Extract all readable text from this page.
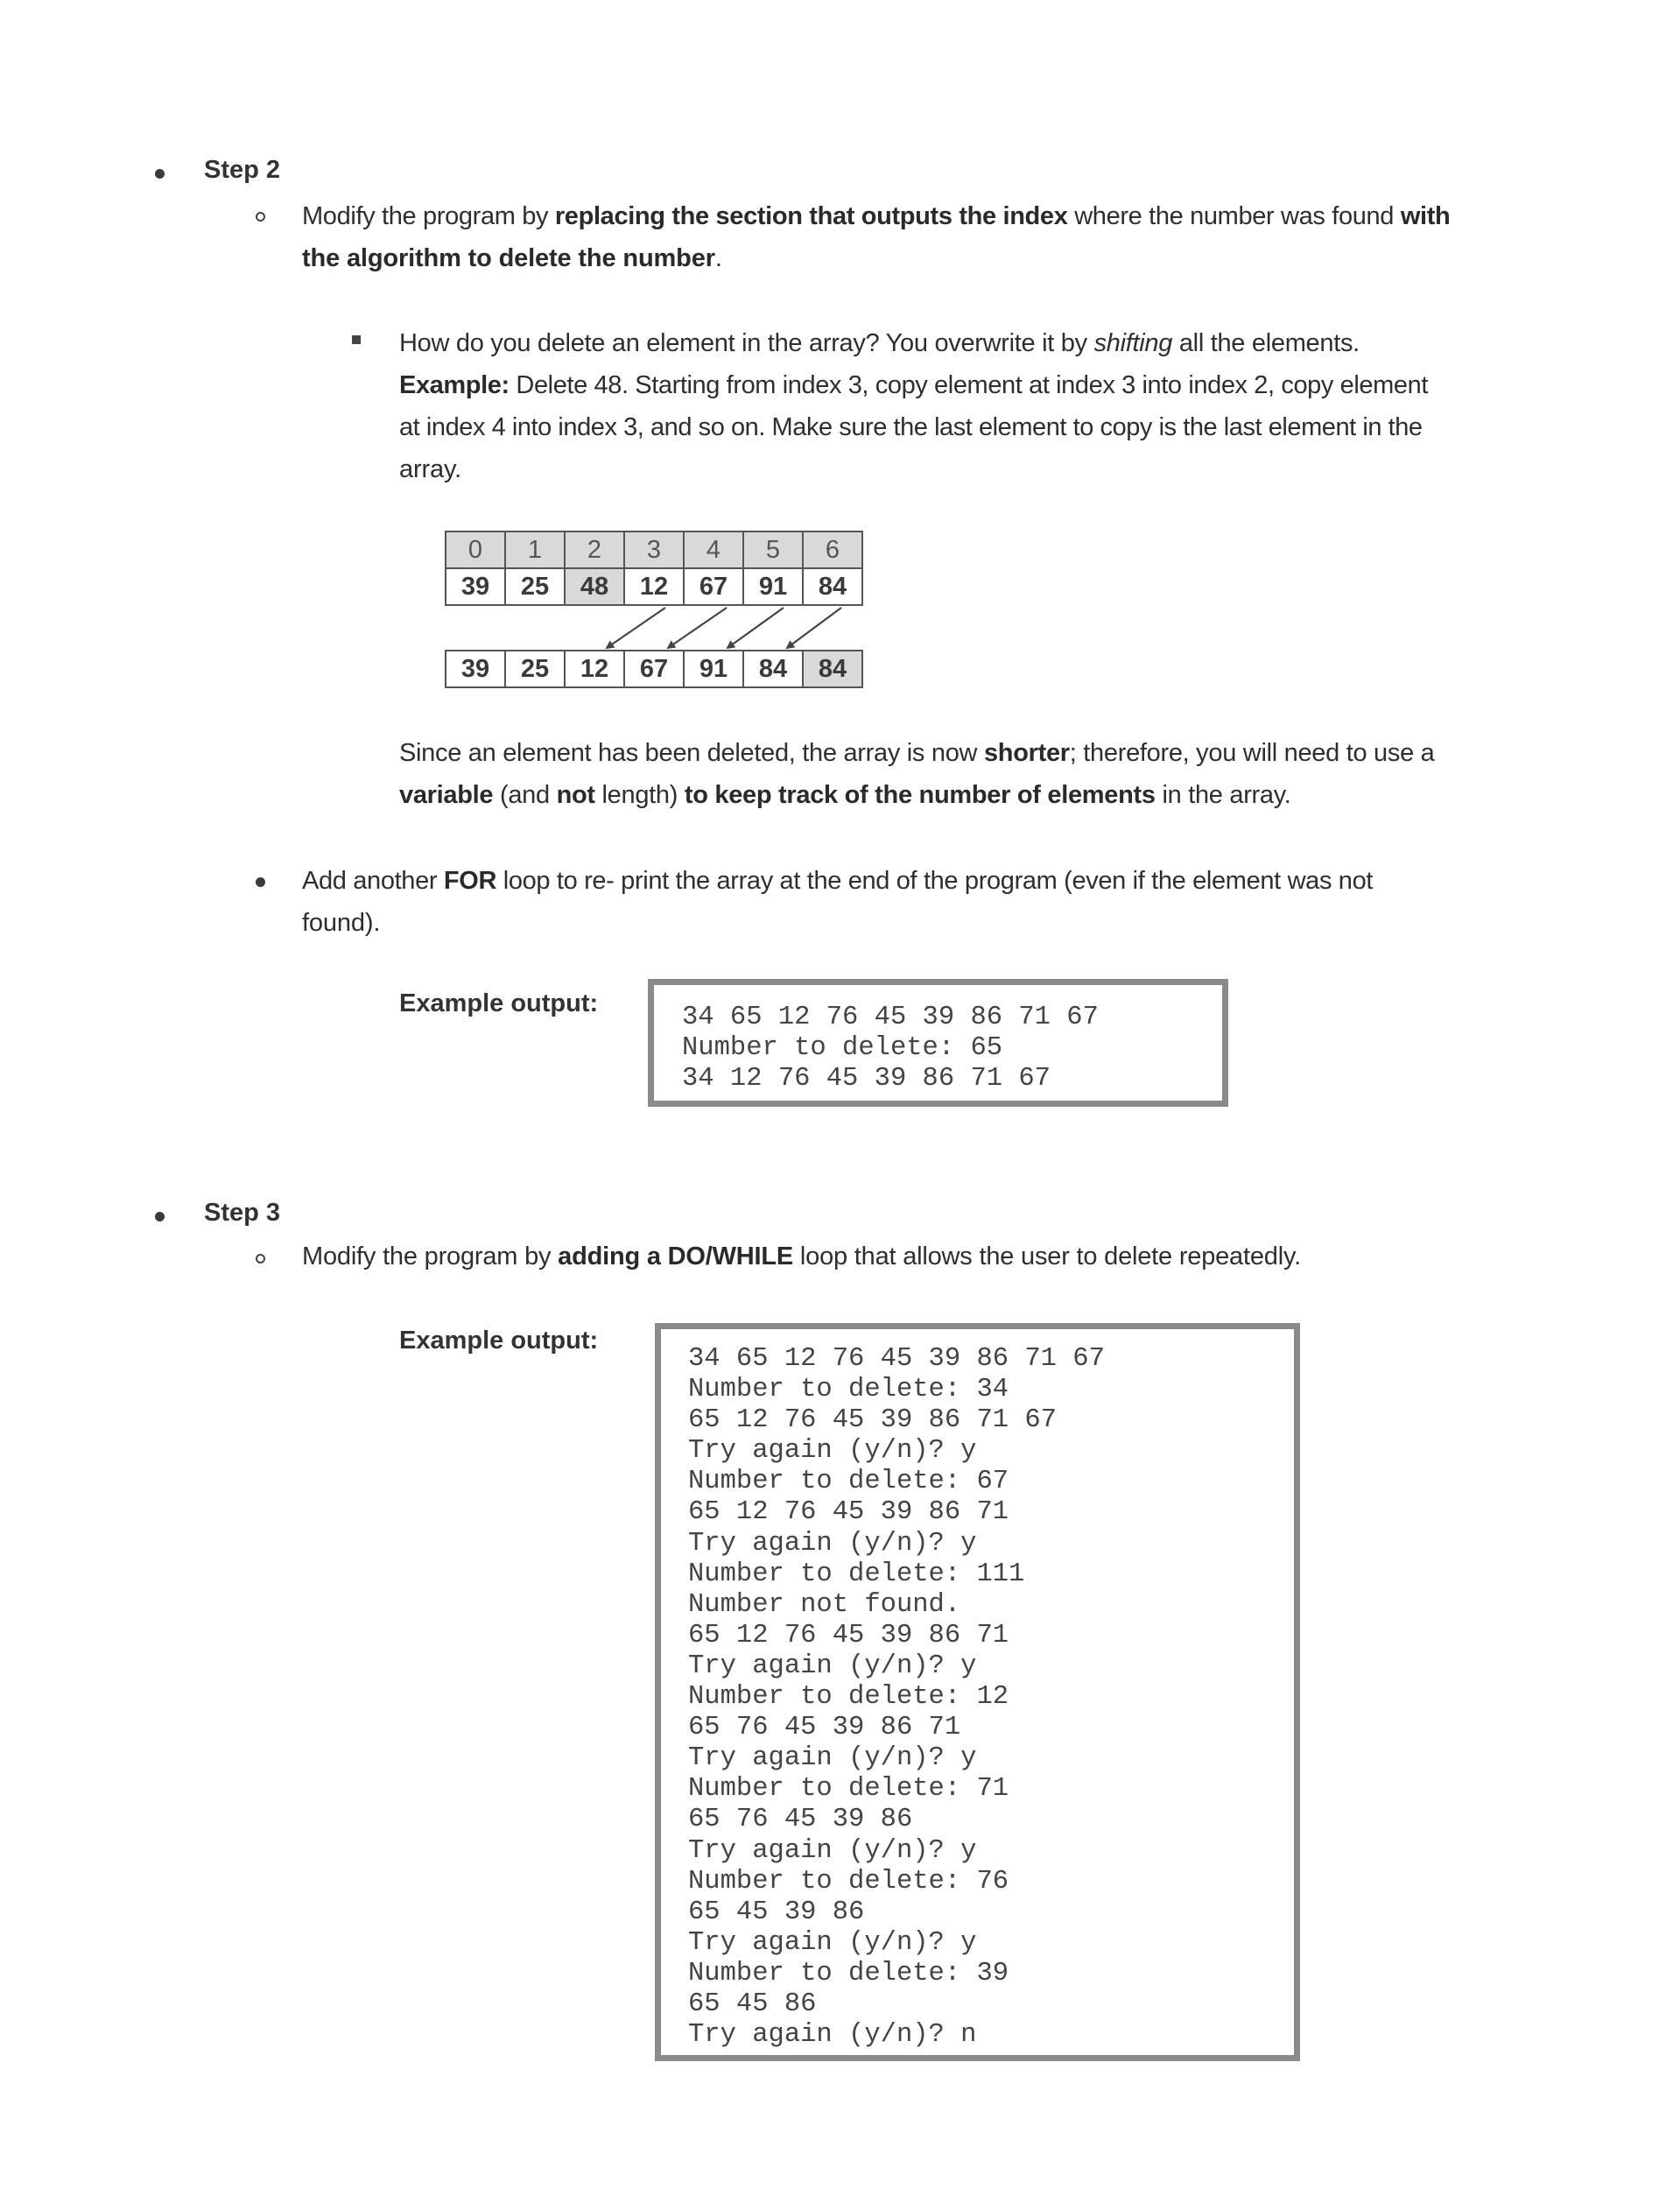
Step 2
Modify the program by replacing the section that outputs the index where the number was found with
the algorithm to delete the number.
How do you delete an element in the array? You overwrite it by shifting all the elements.
Example: Delete 48. Starting from index 3, copy element at index 3 into index 2, copy element
at index 4 into index 3, and so on. Make sure the last element to copy is the last element in the
array.
0	1	2	3	4	5	6
39	25	48	12	67	91	84
39	25	12	67	91	84	84
Since an element has been deleted, the array is now shorter; therefore, you will need to use a
variable (and not length) to keep track of the number of elements in the array.
Add another FOR loop to re- print the array at the end of the program (even if the element was not
found).
Example output:	34 65 12 76 45 39 86 71 67
Number to delete: 65
34 12 76 45 39 86 71 67
Step 3
Modify the program by adding a DO/WHILE loop that allows the user to delete repeatedly.
Example output:
34 65 12 76 45 39 86 71 67
Number to delete: 34
65 12 76 45 39 86 71 67
Try again (y/n)? y
Number to delete: 67
65 12 76 45 39 86 71
Try again (y/n)? y
Number to delete: 111
Number not found.
65 12 76 45 39 86 71
Try again (y/n)? y
Number to delete: 12
65 76 45 39 86 71
Try again (y/n)? y
Number to delete: 71
65 76 45 39 86
Try again (y/n)? y
Number to delete: 76
65 45 39 86
Try again (y/n)? y
Number to delete: 39
65 45 86
Try again (y/n)? n
